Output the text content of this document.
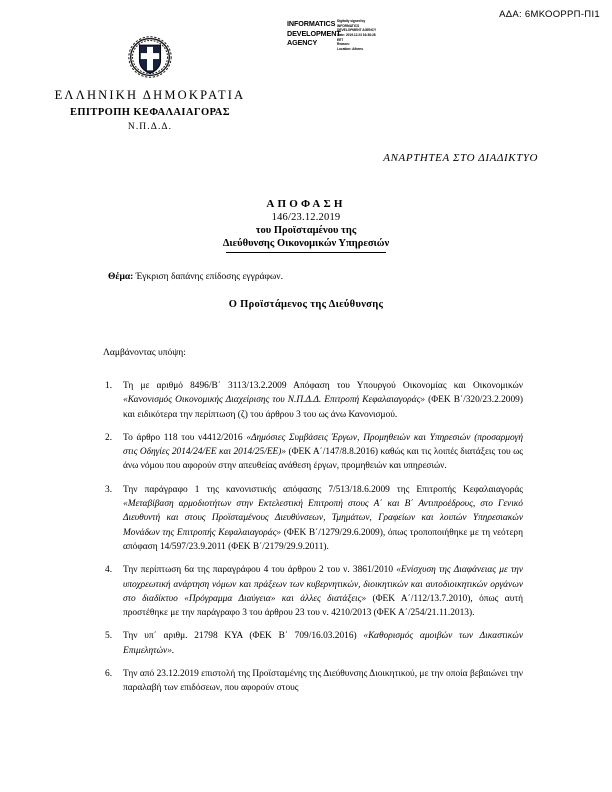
ΑΔΑ: 6ΜΚΟΟΡΡΠ-ΠΙ1
INFORMATICS DEVELOPMENT AGENCY
Digitally signed by
INFORMATICS
DEVELOPMENT AGENCY
Date: 2019.12.23 16:38:28
EET
Reason:
Location: Athens
ΕΛΛΗΝΙΚΗ ΔΗΜΟΚΡΑΤΙΑ
ΕΠΙΤΡΟΠΗ ΚΕΦΑΛΑΙΑΓΟΡΑΣ
Ν.Π.Δ.Δ.
ΑΝΑΡΤΗΤΕΑ ΣΤΟ ΔΙΑΔΙΚΤΥΟ
ΑΠΟΦΑΣΗ
146/23.12.2019
του Προϊσταμένου της
Διεύθυνσης Οικονομικών Υπηρεσιών
Θέμα: Έγκριση δαπάνης επίδοσης εγγράφων.
Ο Προϊστάμενος της Διεύθυνσης
Λαμβάνοντας υπόψη:
1.	Τη με αριθμό 8496/Β΄ 3113/13.2.2009 Απόφαση του Υπουργού Οικονομίας και Οικονομικών «Κανονισμός Οικονομικής Διαχείρισης του Ν.Π.Δ.Δ. Επιτροπή Κεφαλαιαγοράς» (ΦΕΚ Β΄/320/23.2.2009) και ειδικότερα την περίπτωση (ζ) του άρθρου 3 του ως άνω Κανονισμού.
2.	Το άρθρο 118 του ν4412/2016 «Δημόσιες Συμβάσεις Έργων, Προμηθειών και Υπηρεσιών (προσαρμογή στις Οδηγίες 2014/24/ΕΕ και 2014/25/ΕΕ)» (ΦΕΚ Α΄/147/8.8.2016) καθώς και τις λοιπές διατάξεις του ως άνω νόμου που αφορούν στην απευθείας ανάθεση έργων, προμηθειών και υπηρεσιών.
3.	Την παράγραφο 1 της κανονιστικής απόφασης 7/513/18.6.2009 της Επιτροπής Κεφαλαιαγοράς «Μεταβίβαση αρμοδιοτήτων στην Εκτελεστική Επιτροπή στους Α΄ και Β΄ Αντιπροέδρους, στο Γενικό Διευθυντή και στους Προϊσταμένους Διευθύνσεων, Τμημάτων, Γραφείων και λοιπών Υπηρεσιακών Μονάδων της Επιτροπής Κεφαλαιαγοράς» (ΦΕΚ Β΄/1279/29.6.2009), όπως τροποποιήθηκε με τη νεότερη απόφαση 14/597/23.9.2011 (ΦΕΚ Β΄/2179/29.9.2011).
4.	Την περίπτωση 6α της παραγράφου 4 του άρθρου 2 του ν. 3861/2010 «Ενίσχυση της Διαφάνειας με την υποχρεωτική ανάρτηση νόμων και πράξεων των κυβερνητικών, διοικητικών και αυτοδιοικητικών οργάνων στο διαδίκτυο «Πρόγραμμα Διαύγεια» και άλλες διατάξεις» (ΦΕΚ Α΄/112/13.7.2010), όπως αυτή προστέθηκε με την παράγραφο 3 του άρθρου 23 του ν. 4210/2013 (ΦΕΚ Α΄/254/21.11.2013).
5.	Την υπ΄ αριθμ. 21798 ΚΥΑ (ΦΕΚ Β΄ 709/16.03.2016) «Καθορισμός αμοιβών των Δικαστικών Επιμελητών».
6.	Την από 23.12.2019 επιστολή της Προϊσταμένης της Διεύθυνσης Διοικητικού, με την οποία βεβαιώνει την παραλαβή των επιδόσεων, που αφορούν στους
